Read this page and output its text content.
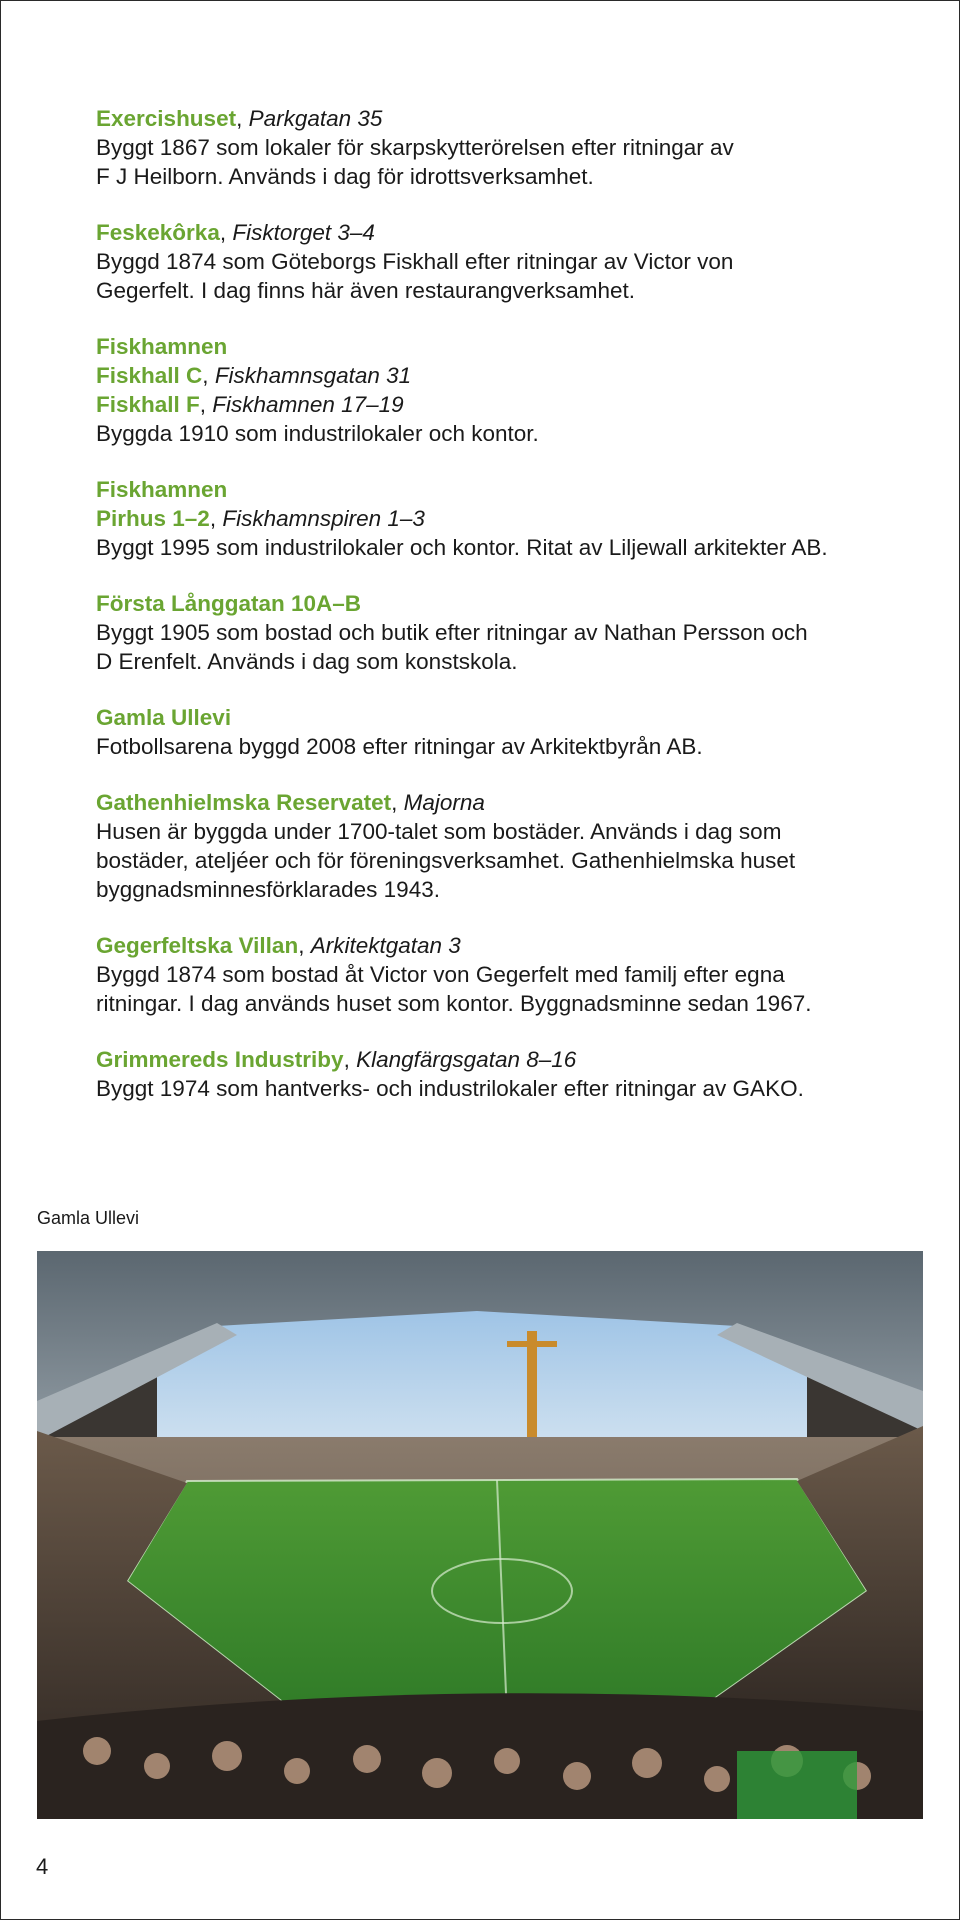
Exercishuset, Parkgatan 35
Byggt 1867 som lokaler för skarpskytterörelsen efter ritningar av
F J Heilborn. Används i dag för idrottsverksamhet.
Feskekôrka, Fisktorget 3–4
Byggd 1874 som Göteborgs Fiskhall efter ritningar av Victor von
Gegerfelt. I dag finns här även restaurangverksamhet.
Fiskhamnen
Fiskhall C, Fiskhamnsgatan 31
Fiskhall F, Fiskhamnen 17–19
Byggda 1910 som industrilokaler och kontor.
Fiskhamnen
Pirhus 1–2, Fiskhamnspiren 1–3
Byggt 1995 som industrilokaler och kontor. Ritat av Liljewall arkitekter AB.
Första Långgatan 10A–B
Byggt 1905 som bostad och butik efter ritningar av Nathan Persson och
D Erenfelt. Används i dag som konstskola.
Gamla Ullevi
Fotbollsarena byggd 2008 efter ritningar av Arkitektbyrån AB.
Gathenhielmska Reservatet, Majorna
Husen är byggda under 1700-talet som bostäder. Används i dag som
bostäder, ateljéer och för föreningsverksamhet. Gathenhielmska huset
byggnadsminnesförklarades 1943.
Gegerfeltska Villan, Arkitektgatan 3
Byggd 1874 som bostad åt Victor von Gegerfelt med familj efter egna
ritningar. I dag används huset som kontor. Byggnadsminne sedan 1967.
Grimmereds Industriby, Klangfärgsgatan 8–16
Byggt 1974 som hantverks- och industrilokaler efter ritningar av GAKO.
Gamla Ullevi
4
